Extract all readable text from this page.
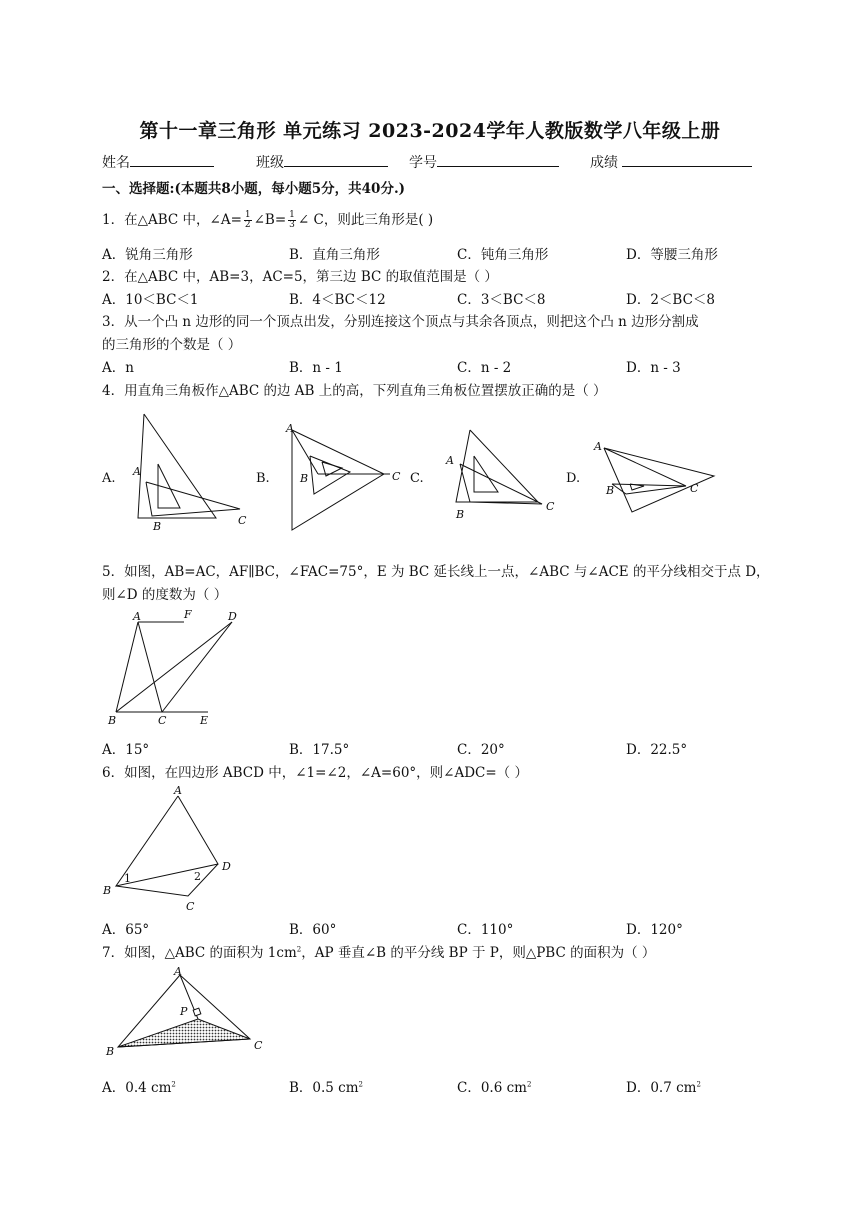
第十一章三角形 单元练习 2023-2024学年人教版数学八年级上册
姓名	班级	学号	成绩
一、选择题:(本题共8小题，每小题5分，共40分.)
1．在△ABC 中，∠A= $\frac{1}{2}$ ∠B= $\frac{1}{3}$ ∠ C，则此三角形是( )
A．锐角三角形	B．直角三角形	C．钝角三角形	D．等腰三角形
2．在△ABC 中，AB=3，AC=5，第三边 BC 的取值范围是（ ）
A．10＜BC＜1	B．4＜BC＜12	C．3＜BC＜8	D．2＜BC＜8
3．从一个凸 n 边形的同一个顶点出发，分别连接这个顶点与其余各顶点，则把这个凸 n 边形分割成
的三角形的个数是（ ）
A．n	B．n - 1	C．n - 2	D．n - 3
4．用直角三角板作△ABC 的边 AB 上的高，下列直角三角板位置摆放正确的是（ ）
A. A
B	C
B.
A
B	C C.
A
B
C
D.
A
B	C
5．如图，AB=AC，AF∥BC，∠FAC=75°，E 为 BC 延长线上一点，∠ABC 与∠ACE 的平分线相交于点 D，
则∠D 的度数为（ ）
A	F	D
B	C	E
A．15°	B．17.5°	C．20°	D．22.5°
6．如图，在四边形 ABCD 中，∠1=∠2，∠A=60°，则∠ADC=（ ）
A
B
C
D
1	2
A．65°	B．60°	C．110°	D．120°
7．如图，△ABC 的面积为 $1cm^2$，AP 垂直∠B 的平分线 BP 于 P，则△PBC 的面积为（ ）
A
P
B	C
A．0.4 $cm^2$	B．0.5 $cm^2$	C．0.6 $cm^2$	D．0.7 $cm^2$
